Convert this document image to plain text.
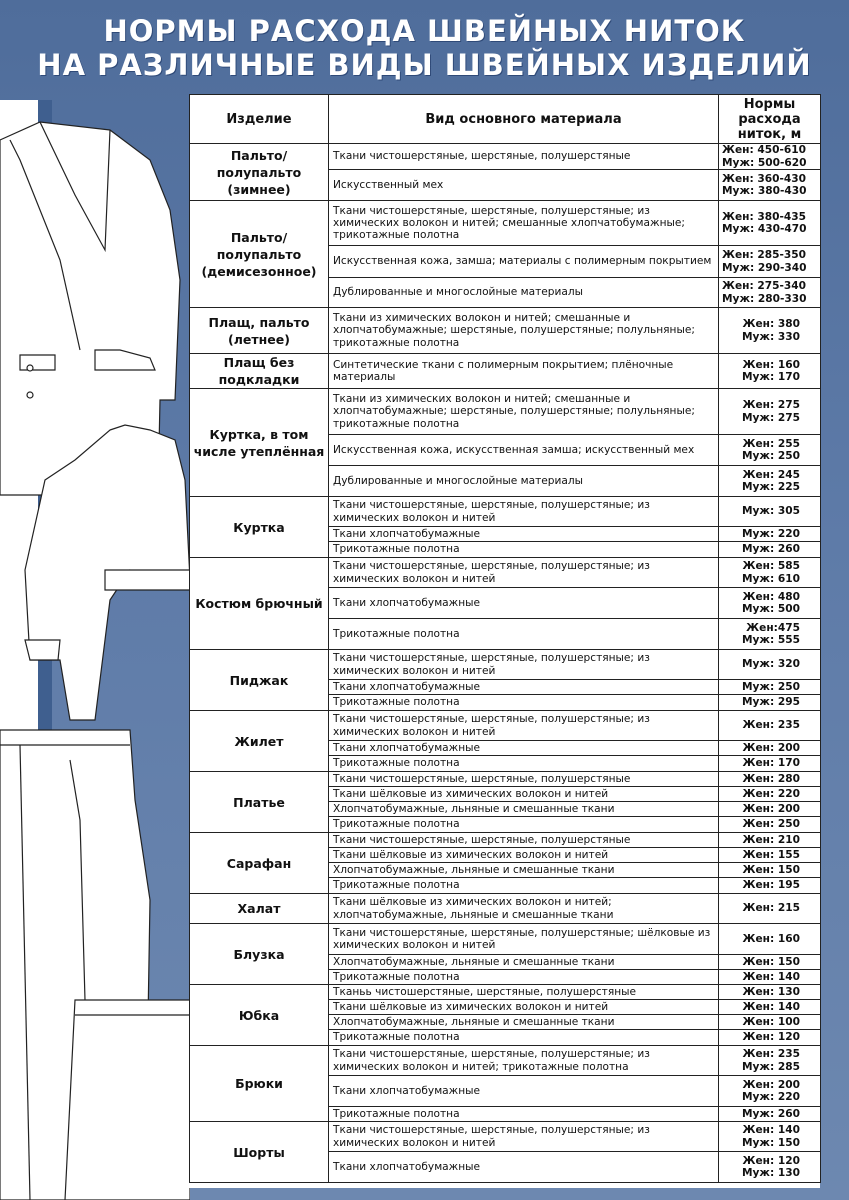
НОРМЫ РАСХОДА ШВЕЙНЫХ НИТОК
НА РАЗЛИЧНЫЕ ВИДЫ ШВЕЙНЫХ ИЗДЕЛИЙ
Изделие	Вид основного материала	Нормы расхода ниток, м
Пальто/ полупальто (зимнее)	Ткани чистошерстяные, шерстяные, полушерстяные	Жен: 450-610
Муж: 500-620

	Искусственный мех	Жен: 360-430
Муж: 380-430

Пальто/ полупальто (демисезонное)	Ткани чистошерстяные, шерстяные, полушерстяные; из химических волокон и нитей; смешанные хлопчатобумажные; трикотажные полотна	Жен: 380-435
Муж: 430-470

	Искусственная кожа, замша; материалы с полимерным покрытием	Жен: 285-350
Муж: 290-340

	Дублированные и многослойные материалы	Жен: 275-340
Муж: 280-330

Плащ, пальто (летнее)	Ткани из химических волокон и нитей; смешанные и хлопчатобумажные; шерстяные, полушерстяные; полульняные; трикотажные полотна	Жен: 380
Муж: 330

Плащ без подкладки	Синтетические ткани с полимерным покрытием; плёночные материалы	Жен: 160
Муж: 170

Куртка, в том числе утеплённая	Ткани из химических волокон и нитей; смешанные и хлопчатобумажные; шерстяные, полушерстяные; полульняные; трикотажные полотна	Жен: 275
Муж: 275

	Искусственная кожа, искусственная замша; искусственный мех	Жен: 255
Муж: 250

	Дублированные и многослойные материалы	Жен: 245
Муж: 225

Куртка	Ткани чистошерстяные, шерстяные, полушерстяные; из химических волокон и нитей	Муж: 305

	Ткани хлопчатобумажные	Муж: 220

	Трикотажные полотна	Муж: 260

Костюм брючный	Ткани чистошерстяные, шерстяные, полушерстяные; из химических волокон и нитей	Жен: 585
Муж: 610

	Ткани хлопчатобумажные	Жен: 480
Муж: 500

	Трикотажные полотна	Жен:475
Муж: 555

Пиджак	Ткани чистошерстяные, шерстяные, полушерстяные; из химических волокон и нитей	Муж: 320

	Ткани хлопчатобумажные	Муж: 250

	Трикотажные полотна	Муж: 295

Жилет	Ткани чистошерстяные, шерстяные, полушерстяные; из химических волокон и нитей	Жен: 235

	Ткани хлопчатобумажные	Жен: 200

	Трикотажные полотна	Жен: 170

Платье	Ткани чистошерстяные, шерстяные, полушерстяные	Жен: 280

	Ткани шёлковые из химических волокон и нитей	Жен: 220

	Хлопчатобумажные, льняные и смешанные ткани	Жен: 200

	Трикотажные полотна	Жен: 250

Сарафан	Ткани чистошерстяные, шерстяные, полушерстяные	Жен: 210

	Ткани шёлковые из химических волокон и нитей	Жен: 155

	Хлопчатобумажные, льняные и смешанные ткани	Жен: 150

	Трикотажные полотна	Жен: 195

Халат	Ткани шёлковые из химических волокон и нитей; хлопчатобумажные, льняные и смешанные ткани	Жен: 215

Блузка	Ткани чистошерстяные, шерстяные, полушерстяные; шёлковые из химических волокон и нитей	Жен: 160

	Хлопчатобумажные, льняные и смешанные ткани	Жен: 150

	Трикотажные полотна	Жен: 140

Юбка	Тканьь чистошерстяные, шерстяные, полушерстяные	Жен: 130

	Ткани шёлковые из химических волокон и нитей	Жен: 140

	Хлопчатобумажные, льняные и смешанные ткани	Жен: 100

	Трикотажные полотна	Жен: 120

Брюки	Ткани чистошерстяные, шерстяные, полушерстяные; из химических волокон и нитей; трикотажные полотна	Жен: 235
Муж: 285

	Ткани хлопчатобумажные	Жен: 200
Муж: 220

	Трикотажные полотна	Муж: 260

Шорты	Ткани чистошерстяные, шерстяные, полушерстяные; из химических волокон и нитей	Жен: 140
Муж: 150

	Ткани хлопчатобумажные	Жен: 120
Муж: 130
